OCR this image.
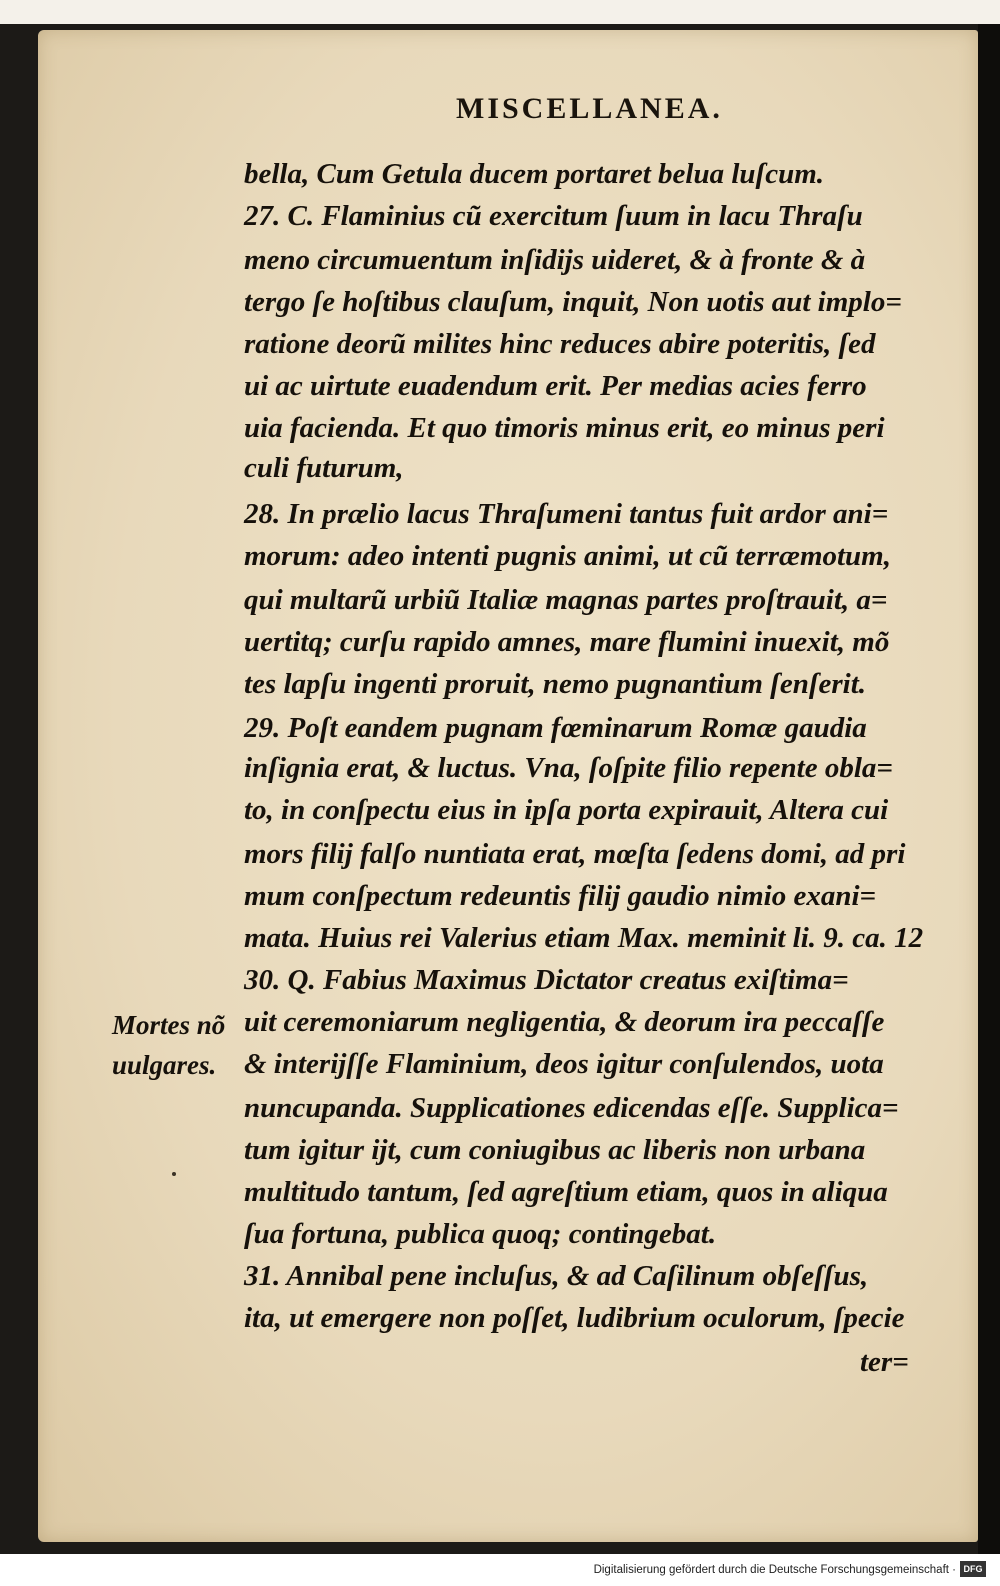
MISCELLANEA.
bella, Cum Getula ducem portaret belua luſcum.
27. C. Flaminius cũ exercitum ſuum in lacu Thraſu
meno circumuentum inſidijs uideret, & à fronte & à
tergo ſe hoſtibus clauſum, inquit, Non uotis aut implo=
ratione deorũ milites hinc reduces abire poteritis, ſed
ui ac uirtute euadendum erit. Per medias acies ferro
uia facienda. Et quo timoris minus erit, eo minus peri
culi futurum,
28. In prælio lacus Thraſumeni tantus fuit ardor ani=
morum: adeo intenti pugnis animi, ut cũ terræmotum,
qui multarũ urbiũ Italiæ magnas partes proſtrauit, a=
uertitq; curſu rapido amnes, mare flumini inuexit, mõ
tes lapſu ingenti proruit, nemo pugnantium ſenſerit.
29. Poſt eandem pugnam fœminarum Romæ gaudia
inſignia erat, & luctus. Vna, ſoſpite filio repente obla=
to, in conſpectu eius in ipſa porta expirauit, Altera cui
mors filij falſo nuntiata erat, mœſta ſedens domi, ad pri
mum conſpectum redeuntis filij gaudio nimio exani=
mata. Huius rei Valerius etiam Max. meminit li. 9. ca. 12
30. Q. Fabius Maximus Dictator creatus exiſtima=
uit ceremoniarum negligentia, & deorum ira peccaſſe
& interijſſe Flaminium, deos igitur conſulendos, uota
nuncupanda. Supplicationes edicendas eſſe. Supplica=
tum igitur ijt, cum coniugibus ac liberis non urbana
multitudo tantum, ſed agreſtium etiam, quos in aliqua
ſua fortuna, publica quoq; contingebat.
31. Annibal pene incluſus, & ad Caſilinum obſeſſus,
ita, ut emergere non poſſet, ludibrium oculorum, ſpecie
ter=
Mortes nõ
uulgares.
Digitalisierung gefördert durch die Deutsche Forschungsgemeinschaft · DFG
